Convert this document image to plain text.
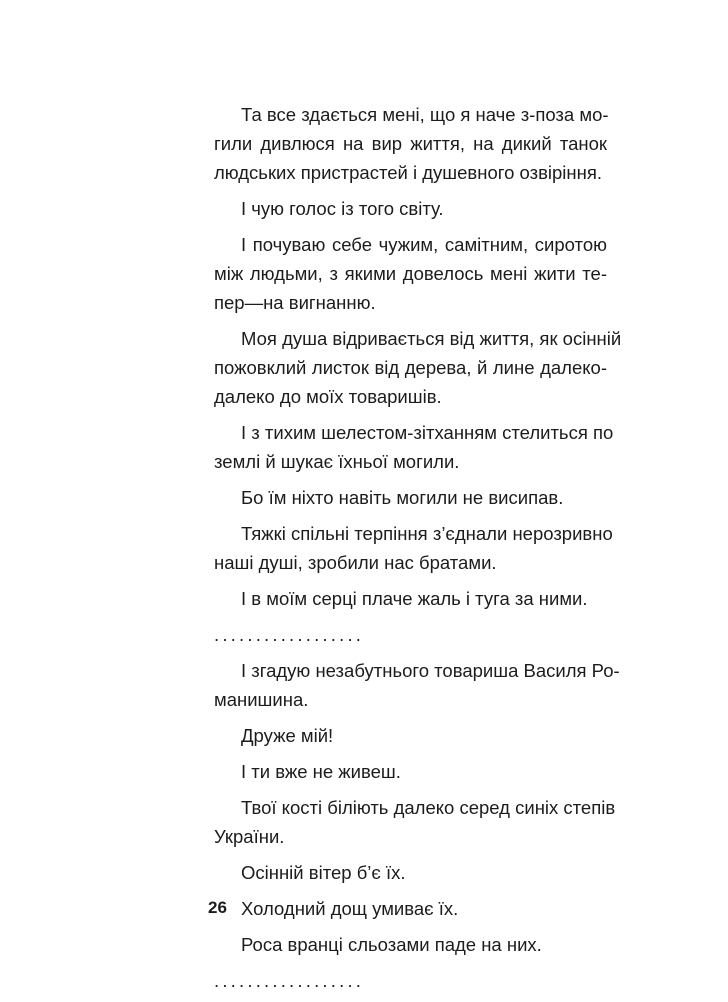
Та все здається мені, що я наче з-поза мо-
гили дивлюся на вир життя, на дикий танок
людських пристрастей і душевного озвіріння.
І чую голос із того світу.
І почуваю себе чужим, самітним, сиротою
між людьми, з якими довелось мені жити те-
пер—на вигнанню.
Моя душа відривається від життя, як осінній
пожовклий листок від дерева, й лине далеко-
далеко до моїх товаришів.
І з тихим шелестом-зітханням стелиться по
землі й шукає їхньої могили.
Бо їм ніхто навіть могили не висипав.
Тяжкі спільні терпіння з’єднали нерозривно
наші душі, зробили нас братами.
І в моїм серці плаче жаль і туга за ними.
..................
І згадую незабутнього товариша Василя Ро-
манишина.
Друже мій!
І ти вже не живеш.
Твої кості біліють далеко серед синіх степів
України.
Осінній вітер б’є їх.
Холодний дощ умиває їх.
Роса вранці сльозами паде на них.
..................
26
